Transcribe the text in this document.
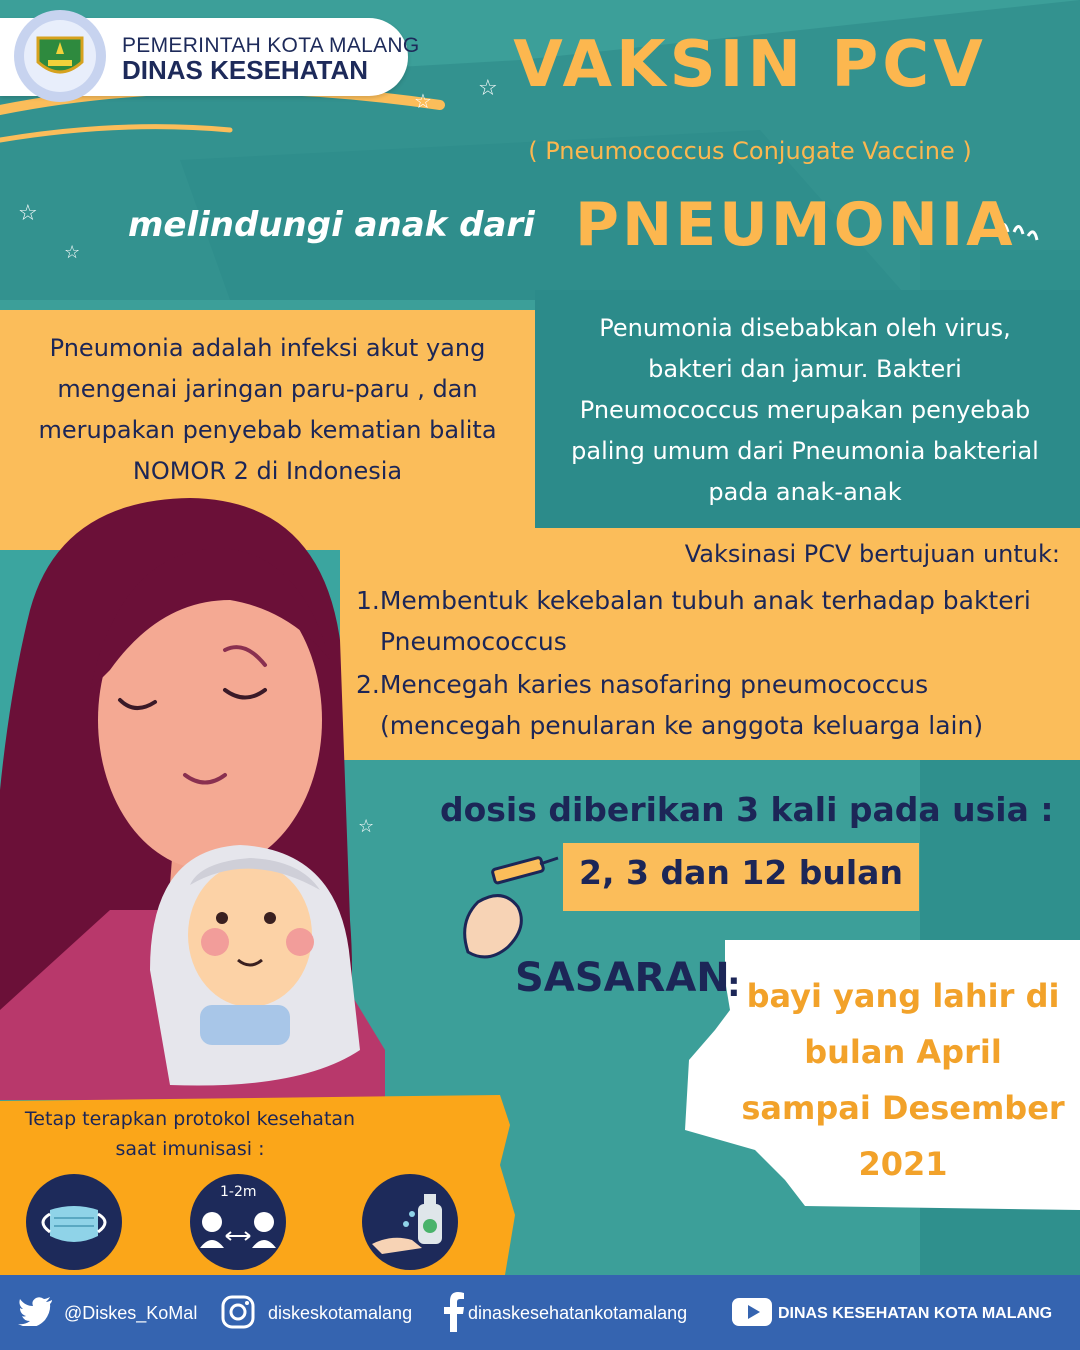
☆
☆
☆
☆
☆
PEMERINTAH KOTA MALANG
DINAS KESEHATAN VAKSIN PCV
( Pneumococcus Conjugate Vaccine )
melindungi anak dari PNEUMONIA
Pneumonia adalah infeksi akut yang
mengenai jaringan paru-paru , dan
merupakan penyebab kematian balita
NOMOR 2 di Indonesia
Penumonia disebabkan oleh virus,
bakteri dan jamur. Bakteri
Pneumococcus merupakan penyebab
paling umum dari Pneumonia bakterial
pada anak-anak
Vaksinasi PCV bertujuan untuk:
1.Membentuk kekebalan tubuh anak terhadap bakteri Pneumococcus
2.Mencegah karies nasofaring pneumococcus (mencegah penularan ke anggota keluarga lain)
dosis diberikan 3 kali pada usia :
2, 3 dan 12 bulan
SASARAN
: bayi yang lahir di
bulan April
sampai Desember
2021
Tetap terapkan protokol kesehatan
saat imunisasi :
1-2m
@Diskes_KoMal	diskeskotamalang	dinaskesehatankotamalang	DINAS KESEHATAN KOTA MALANG
